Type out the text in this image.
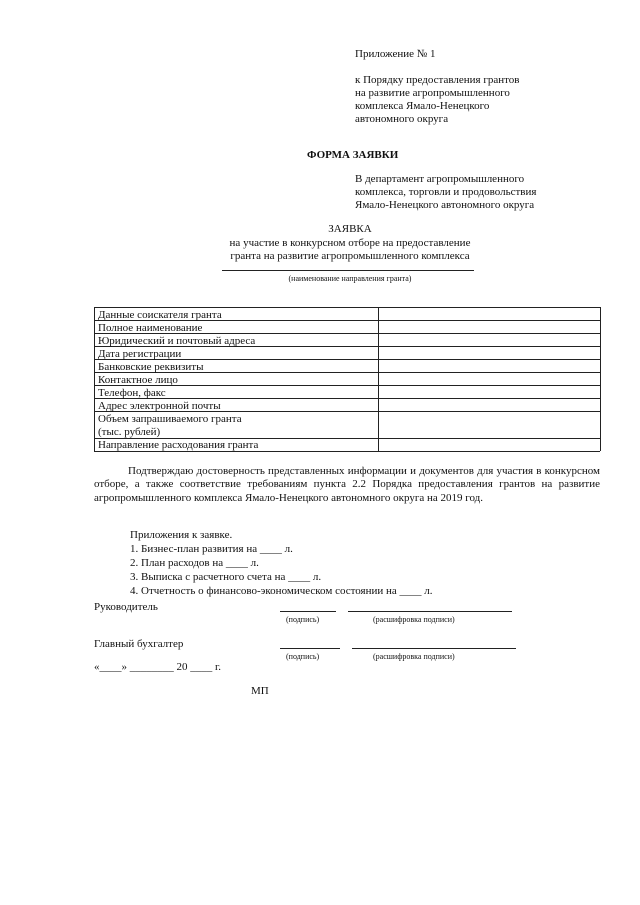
Приложение № 1
к Порядку предоставления грантов
на развитие агропромышленного
комплекса Ямало-Ненецкого
автономного округа
ФОРМА ЗАЯВКИ
В департамент агропромышленного
комплекса, торговли и продовольствия
Ямало-Ненецкого автономного округа
ЗАЯВКА
на участие в конкурсном отборе на предоставление
гранта на развитие агропромышленного комплекса
(наименование направления гранта)
Данные соискателя гранта
Полное наименование
Юридический и почтовый адреса
Дата регистрации
Банковские реквизиты
Контактное лицо
Телефон, факс
Адрес электронной почты
Объем запрашиваемого гранта
(тыс. рублей)
Направление расходования гранта
Подтверждаю достоверность представленных информации и документов для участия в конкурсном отборе, а также соответствие требованиям пункта 2.2 Порядка предоставления грантов на развитие агропромышленного комплекса Ямало-Ненецкого автономного округа на 2019 год.
Приложения к заявке.
1. Бизнес-план развития на ____ л.
2. План расходов на ____ л.
3. Выписка с расчетного счета на ____ л.
4. Отчетность о финансово-экономическом состоянии на ____ л.
Руководитель
(подпись)	(расшифровка подписи)
Главный бухгалтер
(подпись)	(расшифровка подписи)
«____» ________ 20 ____ г.
МП
